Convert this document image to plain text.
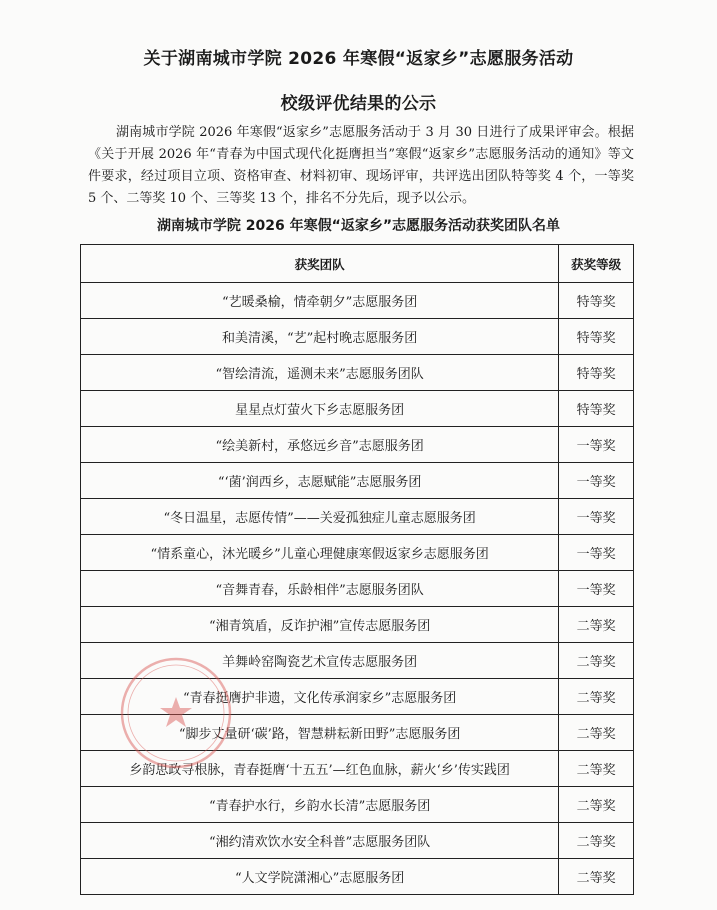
关于湖南城市学院 2026 年寒假“返家乡”志愿服务活动
校级评优结果的公示

湖南城市学院 2026 年寒假“返家乡”志愿服务活动于 3 月 30 日进行了成果评审会。根据《关于开展 2026 年“青春为中国式现代化挺膺担当”寒假“返家乡”志愿服务活动的通知》等文件要求，经过项目立项、资格审查、材料初审、现场评审，共评选出团队特等奖 4 个，一等奖 5 个、二等奖 10 个、三等奖 13 个，排名不分先后，现予以公示。

湖南城市学院 2026 年寒假“返家乡”志愿服务活动获奖团队名单
获奖团队	获奖等级
“艺暖桑榆，情牵朝夕”志愿服务团	特等奖
和美清溪，“艺”起村晚志愿服务团	特等奖
“智绘清流，遥测未来”志愿服务团队	特等奖
星星点灯萤火下乡志愿服务团	特等奖
“绘美新村，承悠远乡音”志愿服务团	一等奖
“‘菌’润西乡，志愿赋能”志愿服务团	一等奖
“冬日温星，志愿传情”——关爱孤独症儿童志愿服务团	一等奖
“情系童心，沐光暖乡”儿童心理健康寒假返家乡志愿服务团	一等奖
“音舞青春，乐龄相伴”志愿服务团队	一等奖
“湘青筑盾，反诈护湘”宣传志愿服务团	二等奖
羊舞岭窑陶瓷艺术宣传志愿服务团	二等奖
“青春挺膺护非遗，文化传承润家乡”志愿服务团	二等奖
“脚步丈量研‘碳’路，智慧耕耘新田野”志愿服务团	二等奖
乡韵思政寻根脉，青春挺膺‘十五五’—红色血脉，薪火‘乡’传实践团	二等奖
“青春护水行，乡韵水长清”志愿服务团	二等奖
“湘约清欢饮水安全科普”志愿服务团队	二等奖
“人文学院潇湘心”志愿服务团	二等奖
